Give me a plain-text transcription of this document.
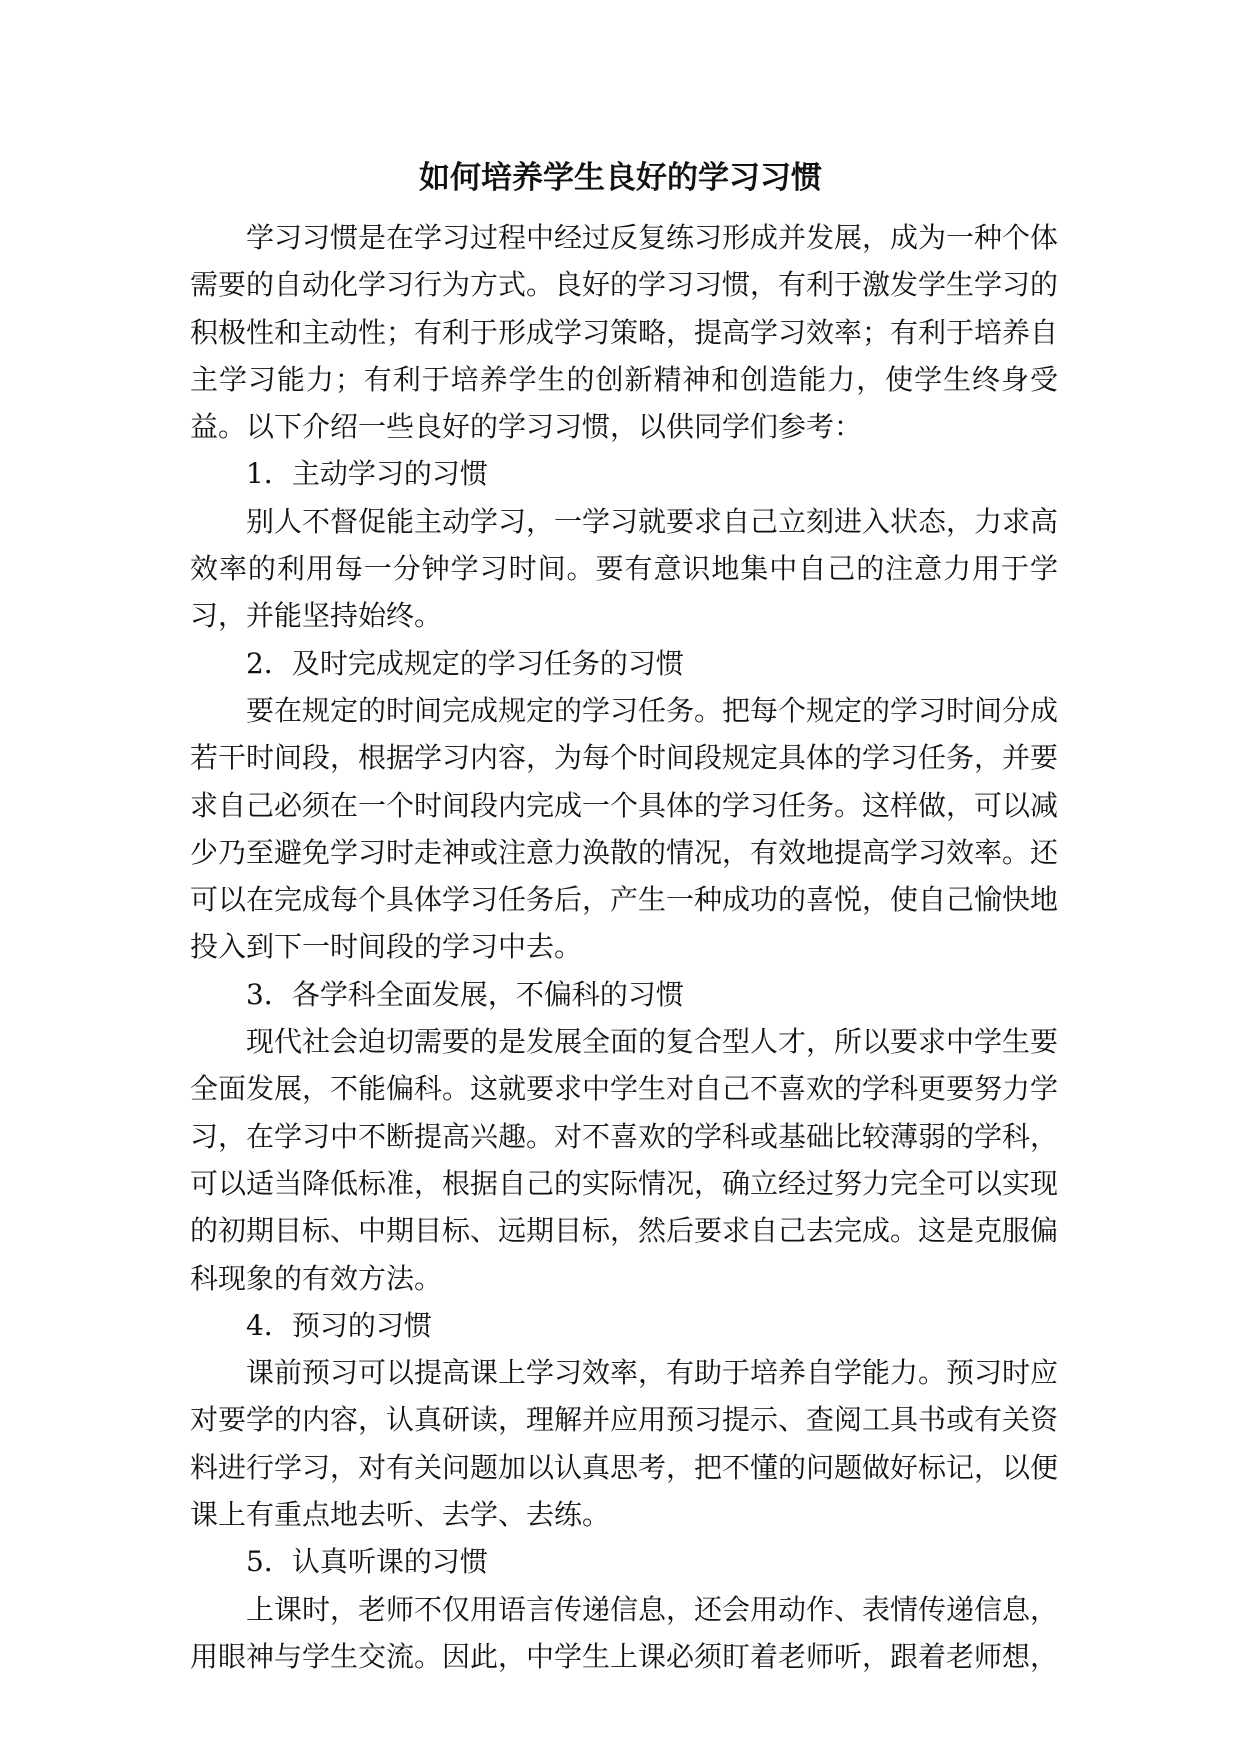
如何培养学生良好的学习习惯

学习习惯是在学习过程中经过反复练习形成并发展，成为一种个体需要的自动化学习行为方式。良好的学习习惯，有利于激发学生学习的积极性和主动性；有利于形成学习策略，提高学习效率；有利于培养自主学习能力；有利于培养学生的创新精神和创造能力，使学生终身受益。以下介绍一些良好的学习习惯，以供同学们参考：

1．主动学习的习惯

别人不督促能主动学习，一学习就要求自己立刻进入状态，力求高效率的利用每一分钟学习时间。要有意识地集中自己的注意力用于学习，并能坚持始终。

2．及时完成规定的学习任务的习惯

要在规定的时间完成规定的学习任务。把每个规定的学习时间分成若干时间段，根据学习内容，为每个时间段规定具体的学习任务，并要求自己必须在一个时间段内完成一个具体的学习任务。这样做，可以减少乃至避免学习时走神或注意力涣散的情况，有效地提高学习效率。还可以在完成每个具体学习任务后，产生一种成功的喜悦，使自己愉快地投入到下一时间段的学习中去。

3．各学科全面发展，不偏科的习惯

现代社会迫切需要的是发展全面的复合型人才，所以要求中学生要全面发展，不能偏科。这就要求中学生对自己不喜欢的学科更要努力学习，在学习中不断提高兴趣。对不喜欢的学科或基础比较薄弱的学科，可以适当降低标准，根据自己的实际情况，确立经过努力完全可以实现的初期目标、中期目标、远期目标，然后要求自己去完成。这是克服偏科现象的有效方法。

4．预习的习惯

课前预习可以提高课上学习效率，有助于培养自学能力。预习时应对要学的内容，认真研读，理解并应用预习提示、查阅工具书或有关资料进行学习，对有关问题加以认真思考，把不懂的问题做好标记，以便课上有重点地去听、去学、去练。

5．认真听课的习惯

上课时，老师不仅用语言传递信息，还会用动作、表情传递信息，用眼神与学生交流。因此，中学生上课必须盯着老师听，跟着老师想，
